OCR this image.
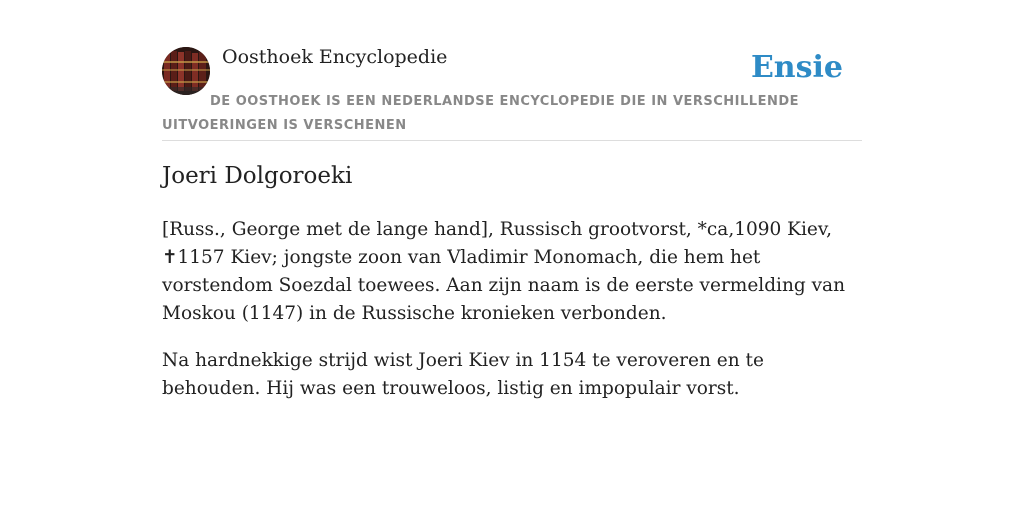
Oosthoek Encyclopedie	Ensie
DE OOSTHOEK IS EEN NEDERLANDSE ENCYCLOPEDIE DIE IN VERSCHILLENDE UITVOERINGEN IS VERSCHENEN
Joeri Dolgoroeki

[Russ., George met de lange hand], Russisch grootvorst, *ca,1090 Kiev, ✝1157 Kiev; jongste zoon van Vladimir Monomach, die hem het vorstendom Soezdal toewees. Aan zijn naam is de eerste vermelding van Moskou (1147) in de Russische kronieken verbonden.

Na hardnekkige strijd wist Joeri Kiev in 1154 te veroveren en te behouden. Hij was een trouweloos, listig en impopulair vorst.
